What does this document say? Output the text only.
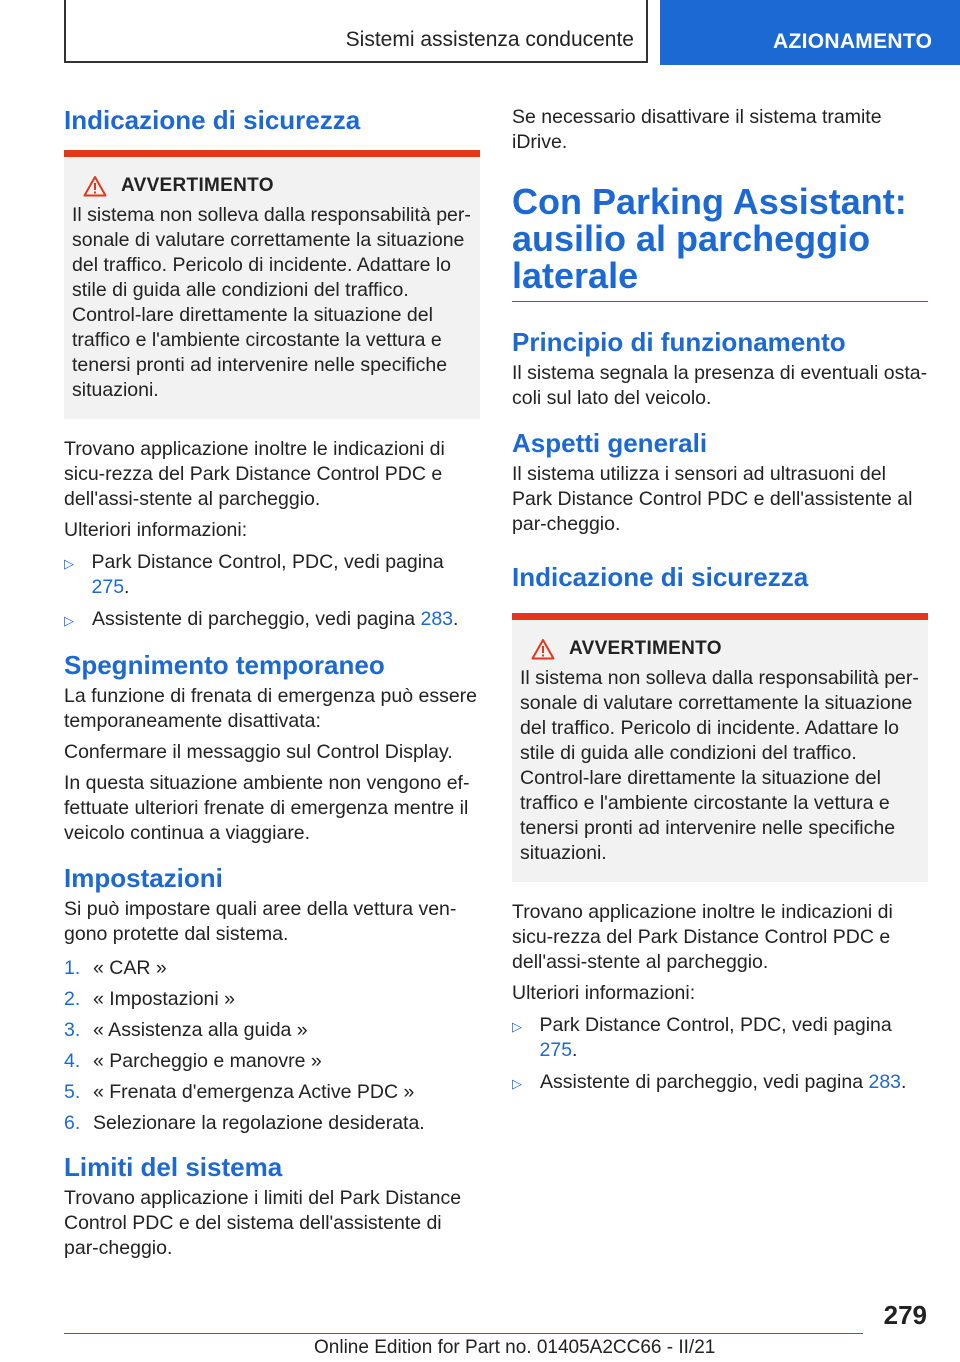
Sistemi assistenza conducente	AZIONAMENTO
Indicazione di sicurezza
AVVERTIMENTO

Il sistema non solleva dalla responsabilità per-sonale di valutare correttamente la situazione del traffico. Pericolo di incidente. Adattare lo stile di guida alle condizioni del traffico. Control-lare direttamente la situazione del traffico e l'ambiente circostante la vettura e tenersi pronti ad intervenire nelle specifiche situazioni.

Trovano applicazione inoltre le indicazioni di sicu-rezza del Park Distance Control PDC e dell'assi-stente al parcheggio.

Ulteriori informazioni:

▷ Park Distance Control, PDC, vedi pagina 275.
▷ Assistente di parcheggio, vedi pagina 283.
Spegnimento temporaneo

La funzione di frenata di emergenza può essere temporaneamente disattivata:

Confermare il messaggio sul Control Display.

In questa situazione ambiente non vengono ef-fettuate ulteriori frenate di emergenza mentre il veicolo continua a viaggiare.

Impostazioni

Si può impostare quali aree della vettura ven-gono protette dal sistema.

1. « CAR »
2. « Impostazioni »
3. « Assistenza alla guida »
4. « Parcheggio e manovre »
5. « Frenata d'emergenza Active PDC »
6. Selezionare la regolazione desiderata.
Limiti del sistema

Trovano applicazione i limiti del Park Distance Control PDC e del sistema dell'assistente di par-cheggio.

Se necessario disattivare il sistema tramite iDrive.

Con Parking Assistant: ausilio al parcheggio laterale
Principio di funzionamento

Il sistema segnala la presenza di eventuali osta-coli sul lato del veicolo.

Aspetti generali

Il sistema utilizza i sensori ad ultrasuoni del Park Distance Control PDC e dell'assistente al par-cheggio.

Indicazione di sicurezza
AVVERTIMENTO

Il sistema non solleva dalla responsabilità per-sonale di valutare correttamente la situazione del traffico. Pericolo di incidente. Adattare lo stile di guida alle condizioni del traffico. Control-lare direttamente la situazione del traffico e l'ambiente circostante la vettura e tenersi pronti ad intervenire nelle specifiche situazioni.

Trovano applicazione inoltre le indicazioni di sicu-rezza del Park Distance Control PDC e dell'assi-stente al parcheggio.

Ulteriori informazioni:

▷ Park Distance Control, PDC, vedi pagina 275.
▷ Assistente di parcheggio, vedi pagina 283.
279
Online Edition for Part no. 01405A2CC66 - II/21
